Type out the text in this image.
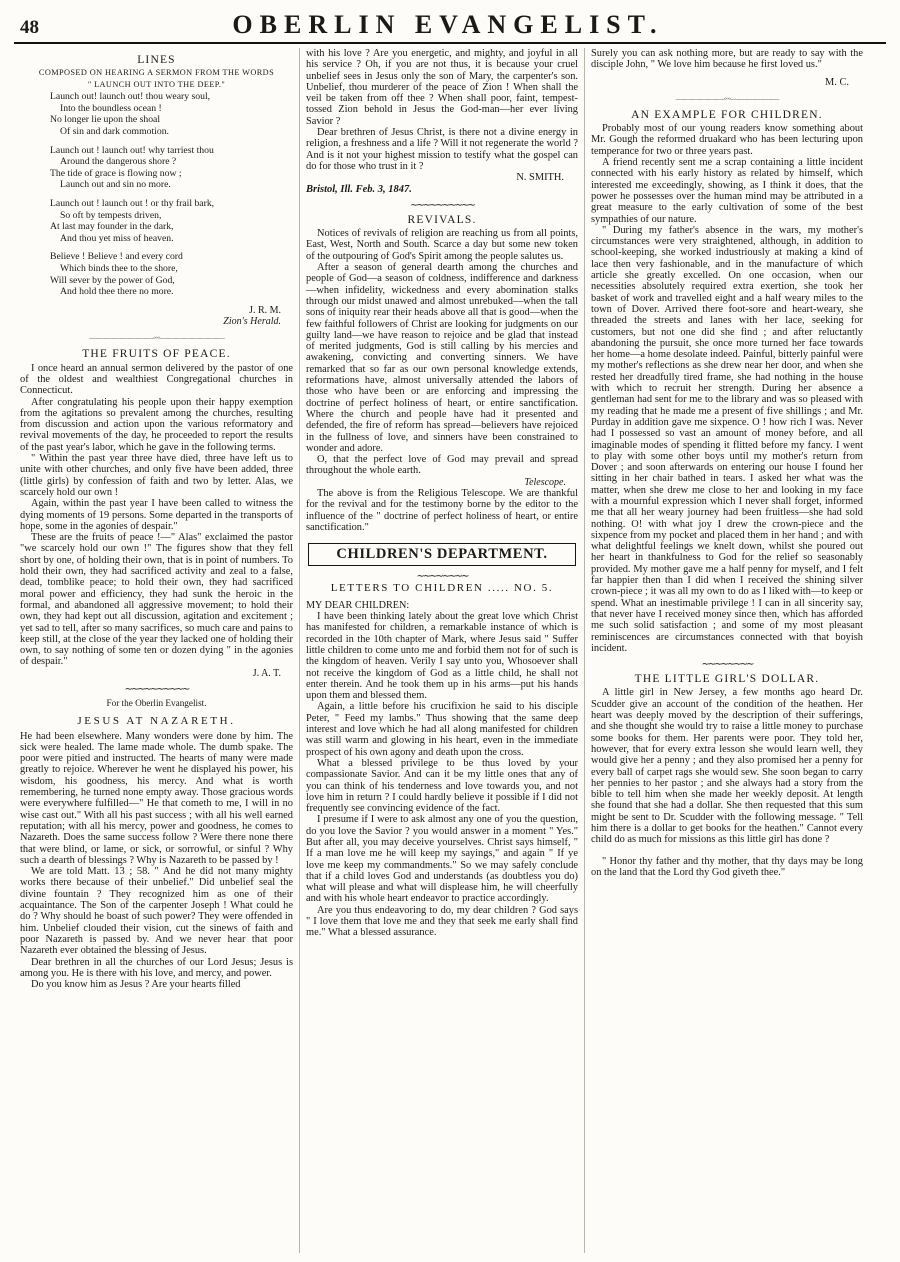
48	OBERLIN EVANGELIST.
LINES
COMPOSED ON HEARING A SERMON FROM THE WORDS
" LAUNCH OUT INTO THE DEEP."
Launch out! launch out! thou weary soul,
Into the boundless ocean !
No longer lie upon the shoal
Of sin and dark commotion.
Launch out ! launch out! why tarriest thou
Around the dangerous shore ?
The tide of grace is flowing now ;
Launch out and sin no more.
Launch out ! launch out ! or thy frail bark,
So oft by tempests driven,
At last may founder in the dark,
And thou yet miss of heaven.
Believe ! Believe ! and every cord
Which binds thee to the shore,
Will sever by the power of God,
And hold thee there no more.
J. R. M.
Zion's Herald.
————————◦◦◦————————
THE FRUITS OF PEACE.

I once heard an annual sermon delivered by the pastor of one of the oldest and wealthiest Congregational churches in Connecticut.

After congratulating his people upon their happy exemption from the agitations so prevalent among the churches, resulting from discussion and action upon the various reformatory and revival movements of the day, he proceeded to report the results of the past year's labor, which he gave in the following terms.

" Within the past year three have died, three have left us to unite with other churches, and only five have been added, three (little girls) by confession of faith and two by letter. Alas, we scarcely hold our own !

Again, within the past year I have been called to witness the dying moments of 19 persons. Some departed in the transports of hope, some in the agonies of despair."

These are the fruits of peace !—" Alas" exclaimed the pastor "we scarcely hold our own !" The figures show that they fell short by one, of holding their own, that is in point of numbers. To hold their own, they had sacrificed activity and zeal to a false, dead, tomblike peace; to hold their own, they had sacrificed moral power and efficiency, they had sunk the heroic in the formal, and abandoned all aggressive movement; to hold their own, they had kept out all discussion, agitation and excitement ; yet sad to tell, after so many sacrifices, so much care and pains to keep still, at the close of the year they lacked one of holding their own, to say nothing of some ten or dozen dying " in the agonies of despair."

J. A. T.
∼∼∼∼∼∼∼∼∼∼
For the Oberlin Evangelist.
JESUS AT NAZARETH.

He had been elsewhere. Many wonders were done by him. The sick were healed. The lame made whole. The dumb spake. The poor were pitied and instructed. The hearts of many were made greatly to rejoice. Wherever he went he displayed his power, his wisdom, his goodness, his mercy. And what is worth remembering, he turned none empty away. Those gracious words were everywhere fulfilled—" He that cometh to me, I will in no wise cast out." With all his past success ; with all his well earned reputation; with all his mercy, power and goodness, he comes to Nazareth. Does the same success follow ? Were there none there that were blind, or lame, or sick, or sorrowful, or sinful ? Why such a dearth of blessings ? Why is Nazareth to be passed by !

We are told Matt. 13 ; 58. " And he did not many mighty works there because of their unbelief." Did unbelief seal the divine fountain ? They recognized him as one of their acquaintance. The Son of the carpenter Joseph ! What could he do ? Why should he boast of such power? They were offended in him. Unbelief clouded their vision, cut the sinews of faith and poor Nazareth is passed by. And we never hear that poor Nazareth ever obtained the blessing of Jesus.

Dear brethren in all the churches of our Lord Jesus; Jesus is among you. He is there with his love, and mercy, and power.

Do you know him as Jesus ? Are your hearts filled

with his love ? Are you energetic, and mighty, and joyful in all his service ? Oh, if you are not thus, it is because your cruel unbelief sees in Jesus only the son of Mary, the carpenter's son. Unbelief, thou murderer of the peace of Zion ! When shall the veil be taken from off thee ? When shall poor, faint, tempest-tossed Zion behold in Jesus the God-man—her ever living Savior ?

Dear brethren of Jesus Christ, is there not a divine energy in religion, a freshness and a life ? Will it not regenerate the world ? And is it not your highest mission to testify what the gospel can do for those who trust in it ?

N. SMITH.
Bristol, Ill. Feb. 3, 1847.
∼∼∼∼∼∼∼∼∼∼
REVIVALS.

Notices of revivals of religion are reaching us from all points, East, West, North and South. Scarce a day but some new token of the outpouring of God's Spirit among the people salutes us.

After a season of general dearth among the churches and people of God—a season of coldness, indifference and darkness—when infidelity, wickedness and every abomination stalks through our midst unawed and almost unrebuked—when the tall sons of iniquity rear their heads above all that is good—when the few faithful followers of Christ are looking for judgments on our guilty land—we have reason to rejoice and be glad that instead of merited judgments, God is still calling by his mercies and awakening, convicting and converting sinners. We have remarked that so far as our own personal knowledge extends, reformations have, almost universally attended the labors of those who have been or are enforcing and impressing the doctrine of perfect holiness of heart, or entire sanctification. Where the church and people have had it presented and defended, the fire of reform has spread—believers have rejoiced in the fullness of love, and sinners have been constrained to wonder and adore.

O, that the perfect love of God may prevail and spread throughout the whole earth.

Telescope.

The above is from the Religious Telescope. We are thankful for the revival and for the testimony borne by the editor to the influence of the " doctrine of perfect holiness of heart, or entire sanctification."

CHILDREN'S DEPARTMENT.
∼∼∼∼∼∼∼∼
LETTERS TO CHILDREN ..... NO. 5.
MY DEAR CHILDREN:

I have been thinking lately about the great love which Christ has manifested for children, a remarkable instance of which is recorded in the 10th chapter of Mark, where Jesus said " Suffer little children to come unto me and forbid them not for of such is the kingdom of heaven. Verily I say unto you, Whosoever shall not receive the kingdom of God as a little child, he shall not enter therein. And he took them up in his arms—put his hands upon them and blessed them.

Again, a little before his crucifixion he said to his disciple Peter, " Feed my lambs." Thus showing that the same deep interest and love which he had all along manifested for children was still warm and glowing in his heart, even in the immediate prospect of his own agony and death upon the cross.

What a blessed privilege to be thus loved by your compassionate Savior. And can it be my little ones that any of you can think of his tenderness and love towards you, and not love him in return ? I could hardly believe it possible if I did not frequently see convincing evidence of the fact.

I presume if I were to ask almost any one of you the question, do you love the Savior ? you would answer in a moment " Yes." But after all, you may deceive yourselves. Christ says himself, " If a man love me he will keep my sayings," and again " If ye love me keep my commandments." So we may safely conclude that if a child loves God and understands (as doubtless you do) what will please and what will displease him, he will cheerfully and with his whole heart endeavor to practice accordingly.

Are you thus endeavoring to do, my dear children ? God says " I love them that love me and they that seek me early shall find me." What a blessed assurance.

Surely you can ask nothing more, but are ready to say with the disciple John, " We love him because he first loved us."

M. C.
——————◦◦◦——————
AN EXAMPLE FOR CHILDREN.

Probably most of our young readers know something about Mr. Gough the reformed druakard who has been lecturing upon temperance for two or three years past.

A friend recently sent me a scrap containing a little incident connected with his early history as related by himself, which interested me exceedingly, showing, as I think it does, that the power he possesses over the human mind may be attributed in a great measure to the early cultivation of some of the best sympathies of our nature.

" During my father's absence in the wars, my mother's circumstances were very straightened, although, in addition to school-keeping, she worked industriously at making a kind of lace then very fashionable, and in the manufacture of which article she greatly excelled. On one occasion, when our necessities absolutely required extra exertion, she took her basket of work and travelled eight and a half weary miles to the town of Dover. Arrived there foot-sore and heart-weary, she threaded the streets and lanes with her lace, seeking for customers, but not one did she find ; and after reluctantly abandoning the pursuit, she once more turned her face towards her home—a home desolate indeed. Painful, bitterly painful were my mother's reflections as she drew near her door, and when she rested her dreadfully tired frame, she had nothing in the house with which to recruit her strength. During her absence a gentleman had sent for me to the library and was so pleased with my reading that he made me a present of five shillings ; and Mr. Purday in addition gave me sixpence. O ! how rich I was. Never had I possessed so vast an amount of money before, and all imaginable modes of spending it flitted before my fancy. I went to play with some other boys until my mother's return from Dover ; and soon afterwards on entering our house I found her sitting in her chair bathed in tears. I asked her what was the matter, when she drew me close to her and looking in my face with a mournful expression which I never shall forget, informed me that all her weary journey had been fruitless—she had sold nothing. O! with what joy I drew the crown-piece and the sixpence from my pocket and placed them in her hand ; and with what delightful feelings we knelt down, whilst she poured out her heart in thankfulness to God for the relief so seasonably provided. My mother gave me a half penny for myself, and I felt far happier then than I did when I received the shining silver crown-piece ; it was all my own to do as I liked with—to keep or spend. What an inestimable privilege ! I can in all sincerity say, that never have I received money since then, which has afforded me such solid satisfaction ; and some of my most pleasant reminiscences are circumstances connected with that boyish incident.

∼∼∼∼∼∼∼∼
THE LITTLE GIRL'S DOLLAR.

A little girl in New Jersey, a few months ago heard Dr. Scudder give an account of the condition of the heathen. Her heart was deeply moved by the description of their sufferings, and she thought she would try to raise a little money to purchase some books for them. Her parents were poor. They told her, however, that for every extra lesson she would learn well, they would give her a penny ; and they also promised her a penny for every ball of carpet rags she would sew. She soon began to carry her pennies to her pastor ; and she always had a story from the bible to tell him when she made her weekly deposit. At length she found that she had a dollar. She then requested that this sum might be sent to Dr. Scudder with the following message. " Tell him there is a dollar to get books for the heathen." Cannot every child do as much for missions as this little girl has done ?

" Honor thy father and thy mother, that thy days may be long on the land that the Lord thy God giveth thee."
